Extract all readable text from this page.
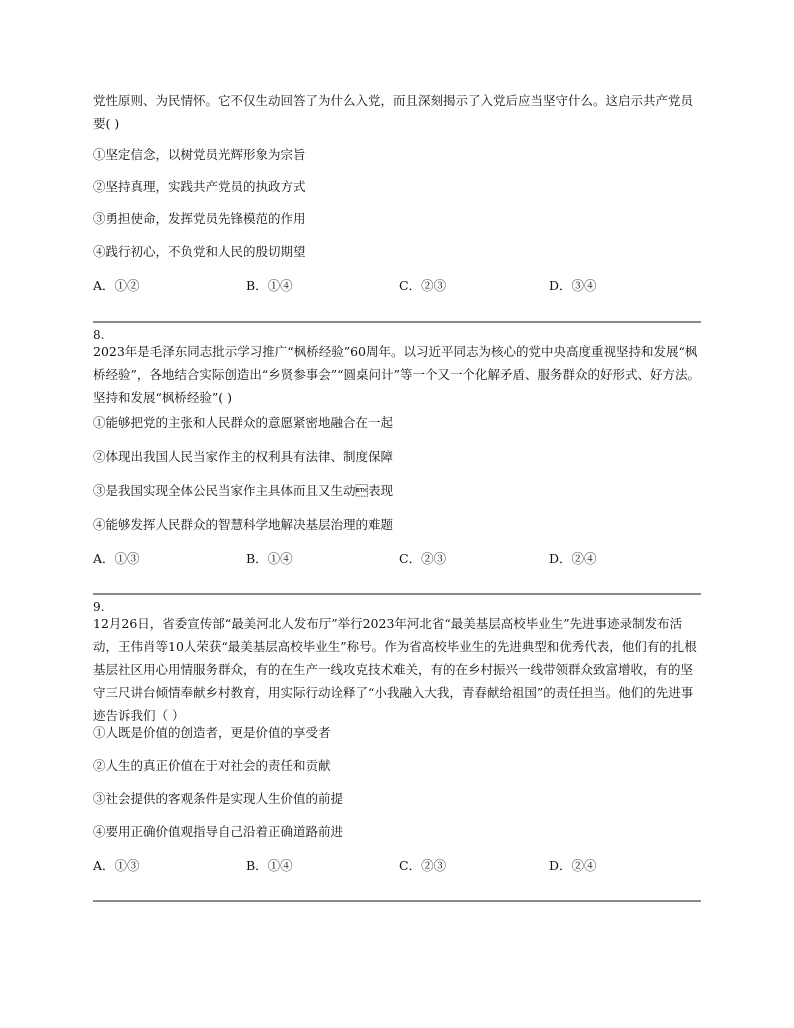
党性原则、为民情怀。它不仅生动回答了为什么入党，而且深刻揭示了入党后应当坚守什么。这启示共产党员要( )
①坚定信念，以树党员光辉形象为宗旨
②坚持真理，实践共产党员的执政方式
③勇担使命，发挥党员先锋模范的作用
④践行初心，不负党和人民的殷切期望
A．①②	B．①④	C．②③	D．③④
8.
2023年是毛泽东同志批示学习推广“枫桥经验”60周年。以习近平同志为核心的党中央高度重视坚持和发展“枫桥经验”，各地结合实际创造出“乡贤参事会”“圆桌问计”等一个又一个化解矛盾、服务群众的好形式、好方法。坚持和发展“枫桥经验”( )
①能够把党的主张和人民群众的意愿紧密地融合在一起
②体现出我国人民当家作主的权利具有法律、制度保障
③是我国实现全体公民当家作主具体而且又生动表现
④能够发挥人民群众的智慧科学地解决基层治理的难题
A．①③	B．①④	C．②③	D．②④
9.
12月26日，省委宣传部“最美河北人发布厅”举行2023年河北省“最美基层高校毕业生”先进事迹录制发布活动，王伟肖等10人荣获“最美基层高校毕业生”称号。作为省高校毕业生的先进典型和优秀代表，他们有的扎根基层社区用心用情服务群众，有的在生产一线攻克技术难关，有的在乡村振兴一线带领群众致富增收，有的坚守三尺讲台倾情奉献乡村教育，用实际行动诠释了“小我融入大我，青春献给祖国”的责任担当。他们的先进事迹告诉我们（ ）
①人既是价值的创造者，更是价值的享受者
②人生的真正价值在于对社会的责任和贡献
③社会提供的客观条件是实现人生价值的前提
④要用正确价值观指导自己沿着正确道路前进
A．①③	B．①④	C．②③	D．②④
